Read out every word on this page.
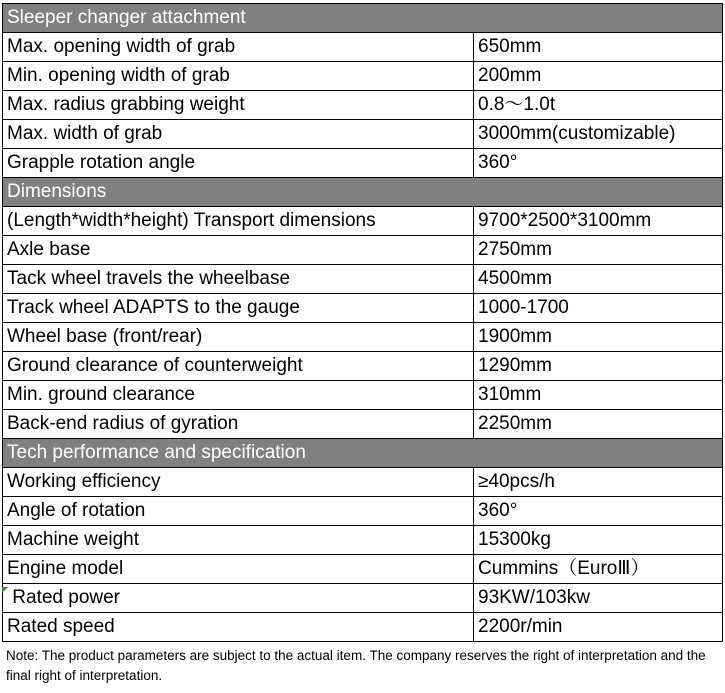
Sleeper changer attachment	
Max. opening width of grab	650mm
Min. opening width of grab	200mm
Max. radius grabbing weight	0.8～1.0t
Max. width of grab	3000mm(customizable)
Grapple rotation angle	360°
Dimensions	
(Length*width*height) Transport dimensions	9700*2500*3100mm
Axle base	2750mm
Tack wheel travels the wheelbase	4500mm
Track wheel ADAPTS to the gauge	1000-1700
Wheel base (front/rear)	1900mm
Ground clearance of counterweight	1290mm
Min. ground clearance	310mm
Back-end radius of gyration	2250mm
Tech performance and specification	
Working efficiency	≥40pcs/h
Angle of rotation	360°
Machine weight	15300kg
Engine model	Cummins（EuroⅢ）
Rated power	93KW/103kw
Rated speed	2200r/min
Note: The product parameters are subject to the actual item. The company reserves the right of interpretation and the final right of interpretation.
